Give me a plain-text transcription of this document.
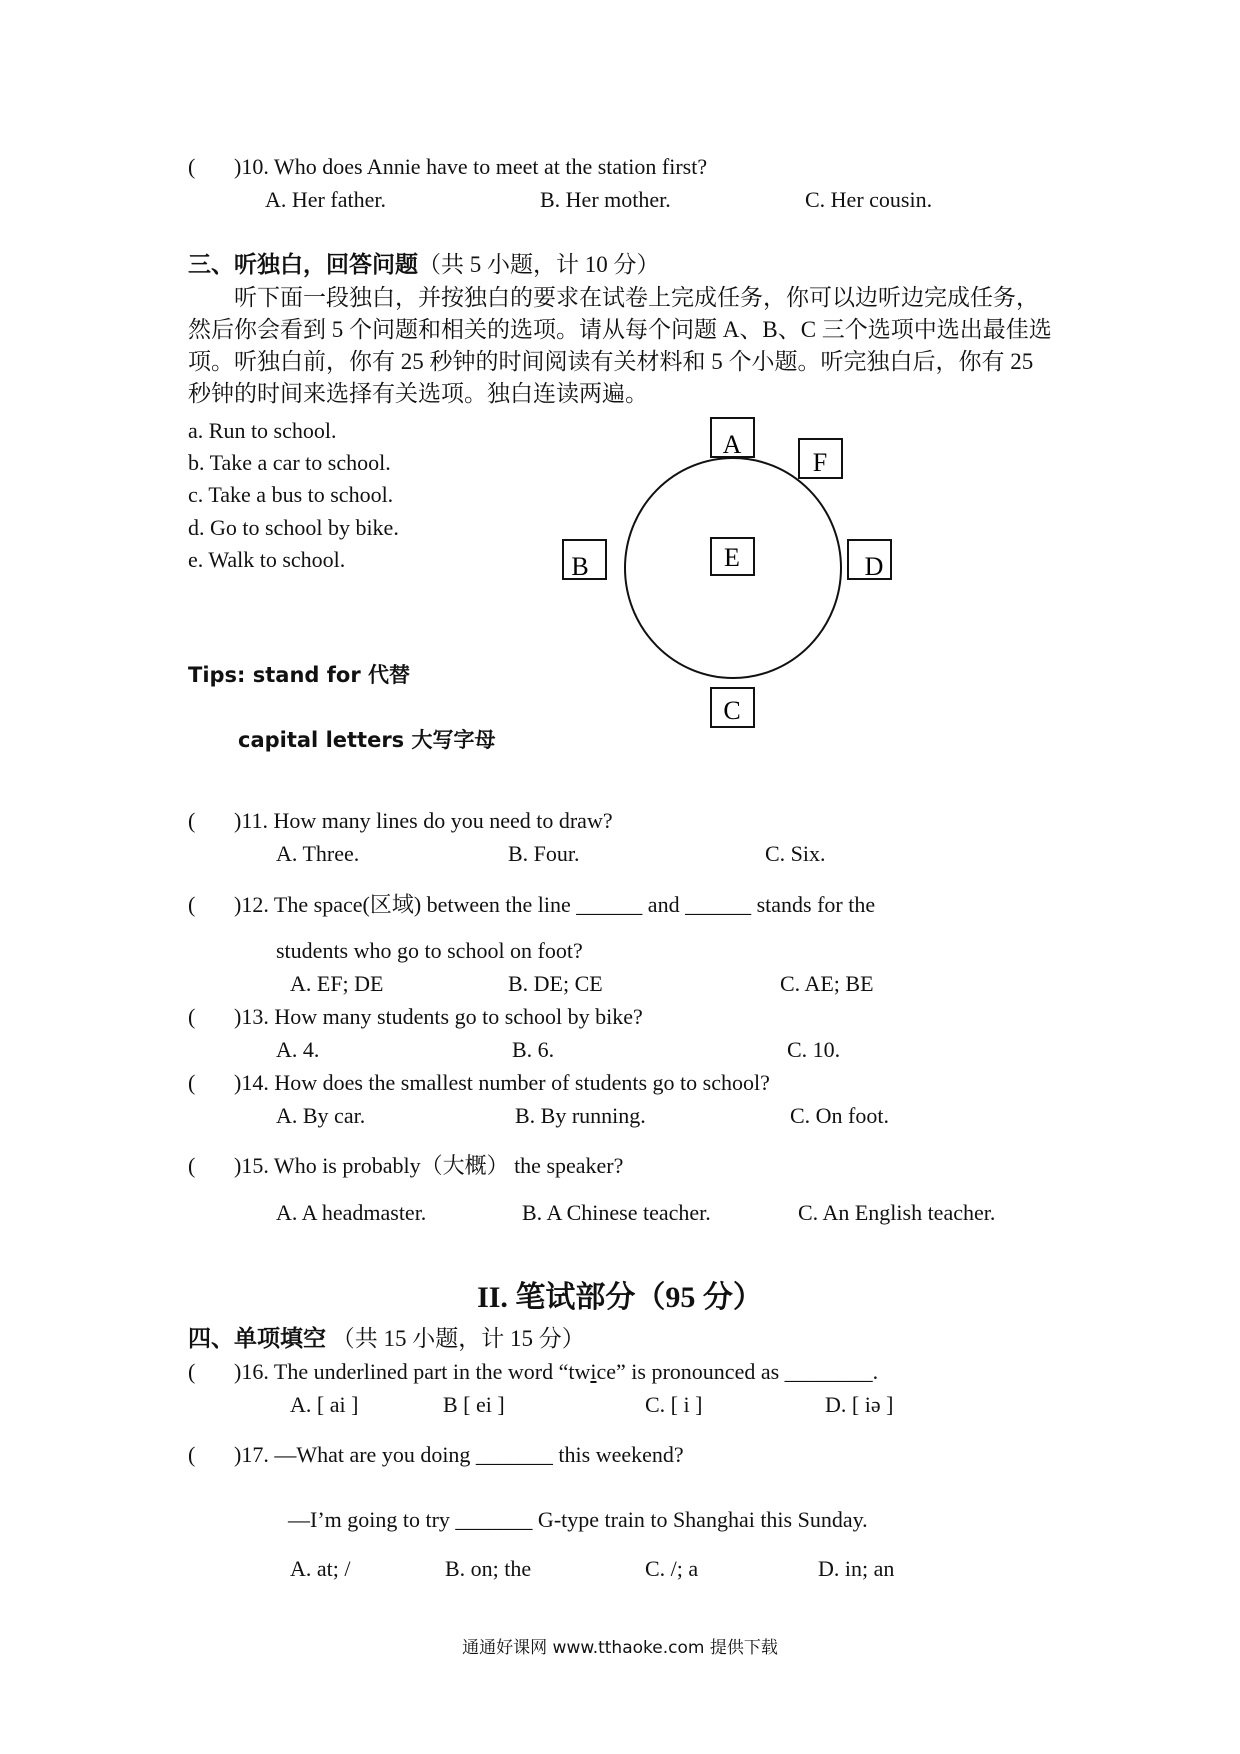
( )10. Who does Annie have to meet at the station first?
A. Her father.	B. Her mother.	C. Her cousin.
三、听独白，回答问题（共 5 小题，计 10 分）
听下面一段独白，并按独白的要求在试卷上完成任务，你可以边听边完成任务，然后你会看到 5 个问题和相关的选项。请从每个问题 A、B、C 三个选项中选出最佳选项。听独白前，你有 25 秒钟的时间阅读有关材料和 5 个小题。听完独白后，你有 25 秒钟的时间来选择有关选项。独白连读两遍。
a. Run to school.
b. Take a car to school.
c. Take a bus to school.
d. Go to school by bike.
e. Walk to school.
A
F
B	E	D
C
Tips: stand for 代替
capital letters 大写字母
( )11. How many lines do you need to draw?
A. Three.	B. Four.	C. Six.
( )12. The space(区域) between the line ______ and ______ stands for the
students who go to school on foot?
A. EF; DE	B. DE; CE	C. AE; BE
( )13. How many students go to school by bike?
A. 4.	B. 6.	C. 10.
( )14. How does the smallest number of students go to school?
A. By car.	B. By running.	C. On foot.
( )15. Who is probably（大概） the speaker?
A. A headmaster.	B. A Chinese teacher.	C. An English teacher.
II. 笔试部分（95 分）
四、单项填空 （共 15 小题，计 15 分）
( )16. The underlined part in the word “twice” is pronounced as ________.
A. [ ai ]	B [ ei ]	C. [ i ]	D. [ iə ]
( )17. —What are you doing _______ this weekend?
—I’m going to try _______ G-type train to Shanghai this Sunday.
A. at; /	B. on; the	C. /; a	D. in; an
通通好课网 www.tthaoke.com 提供下载
